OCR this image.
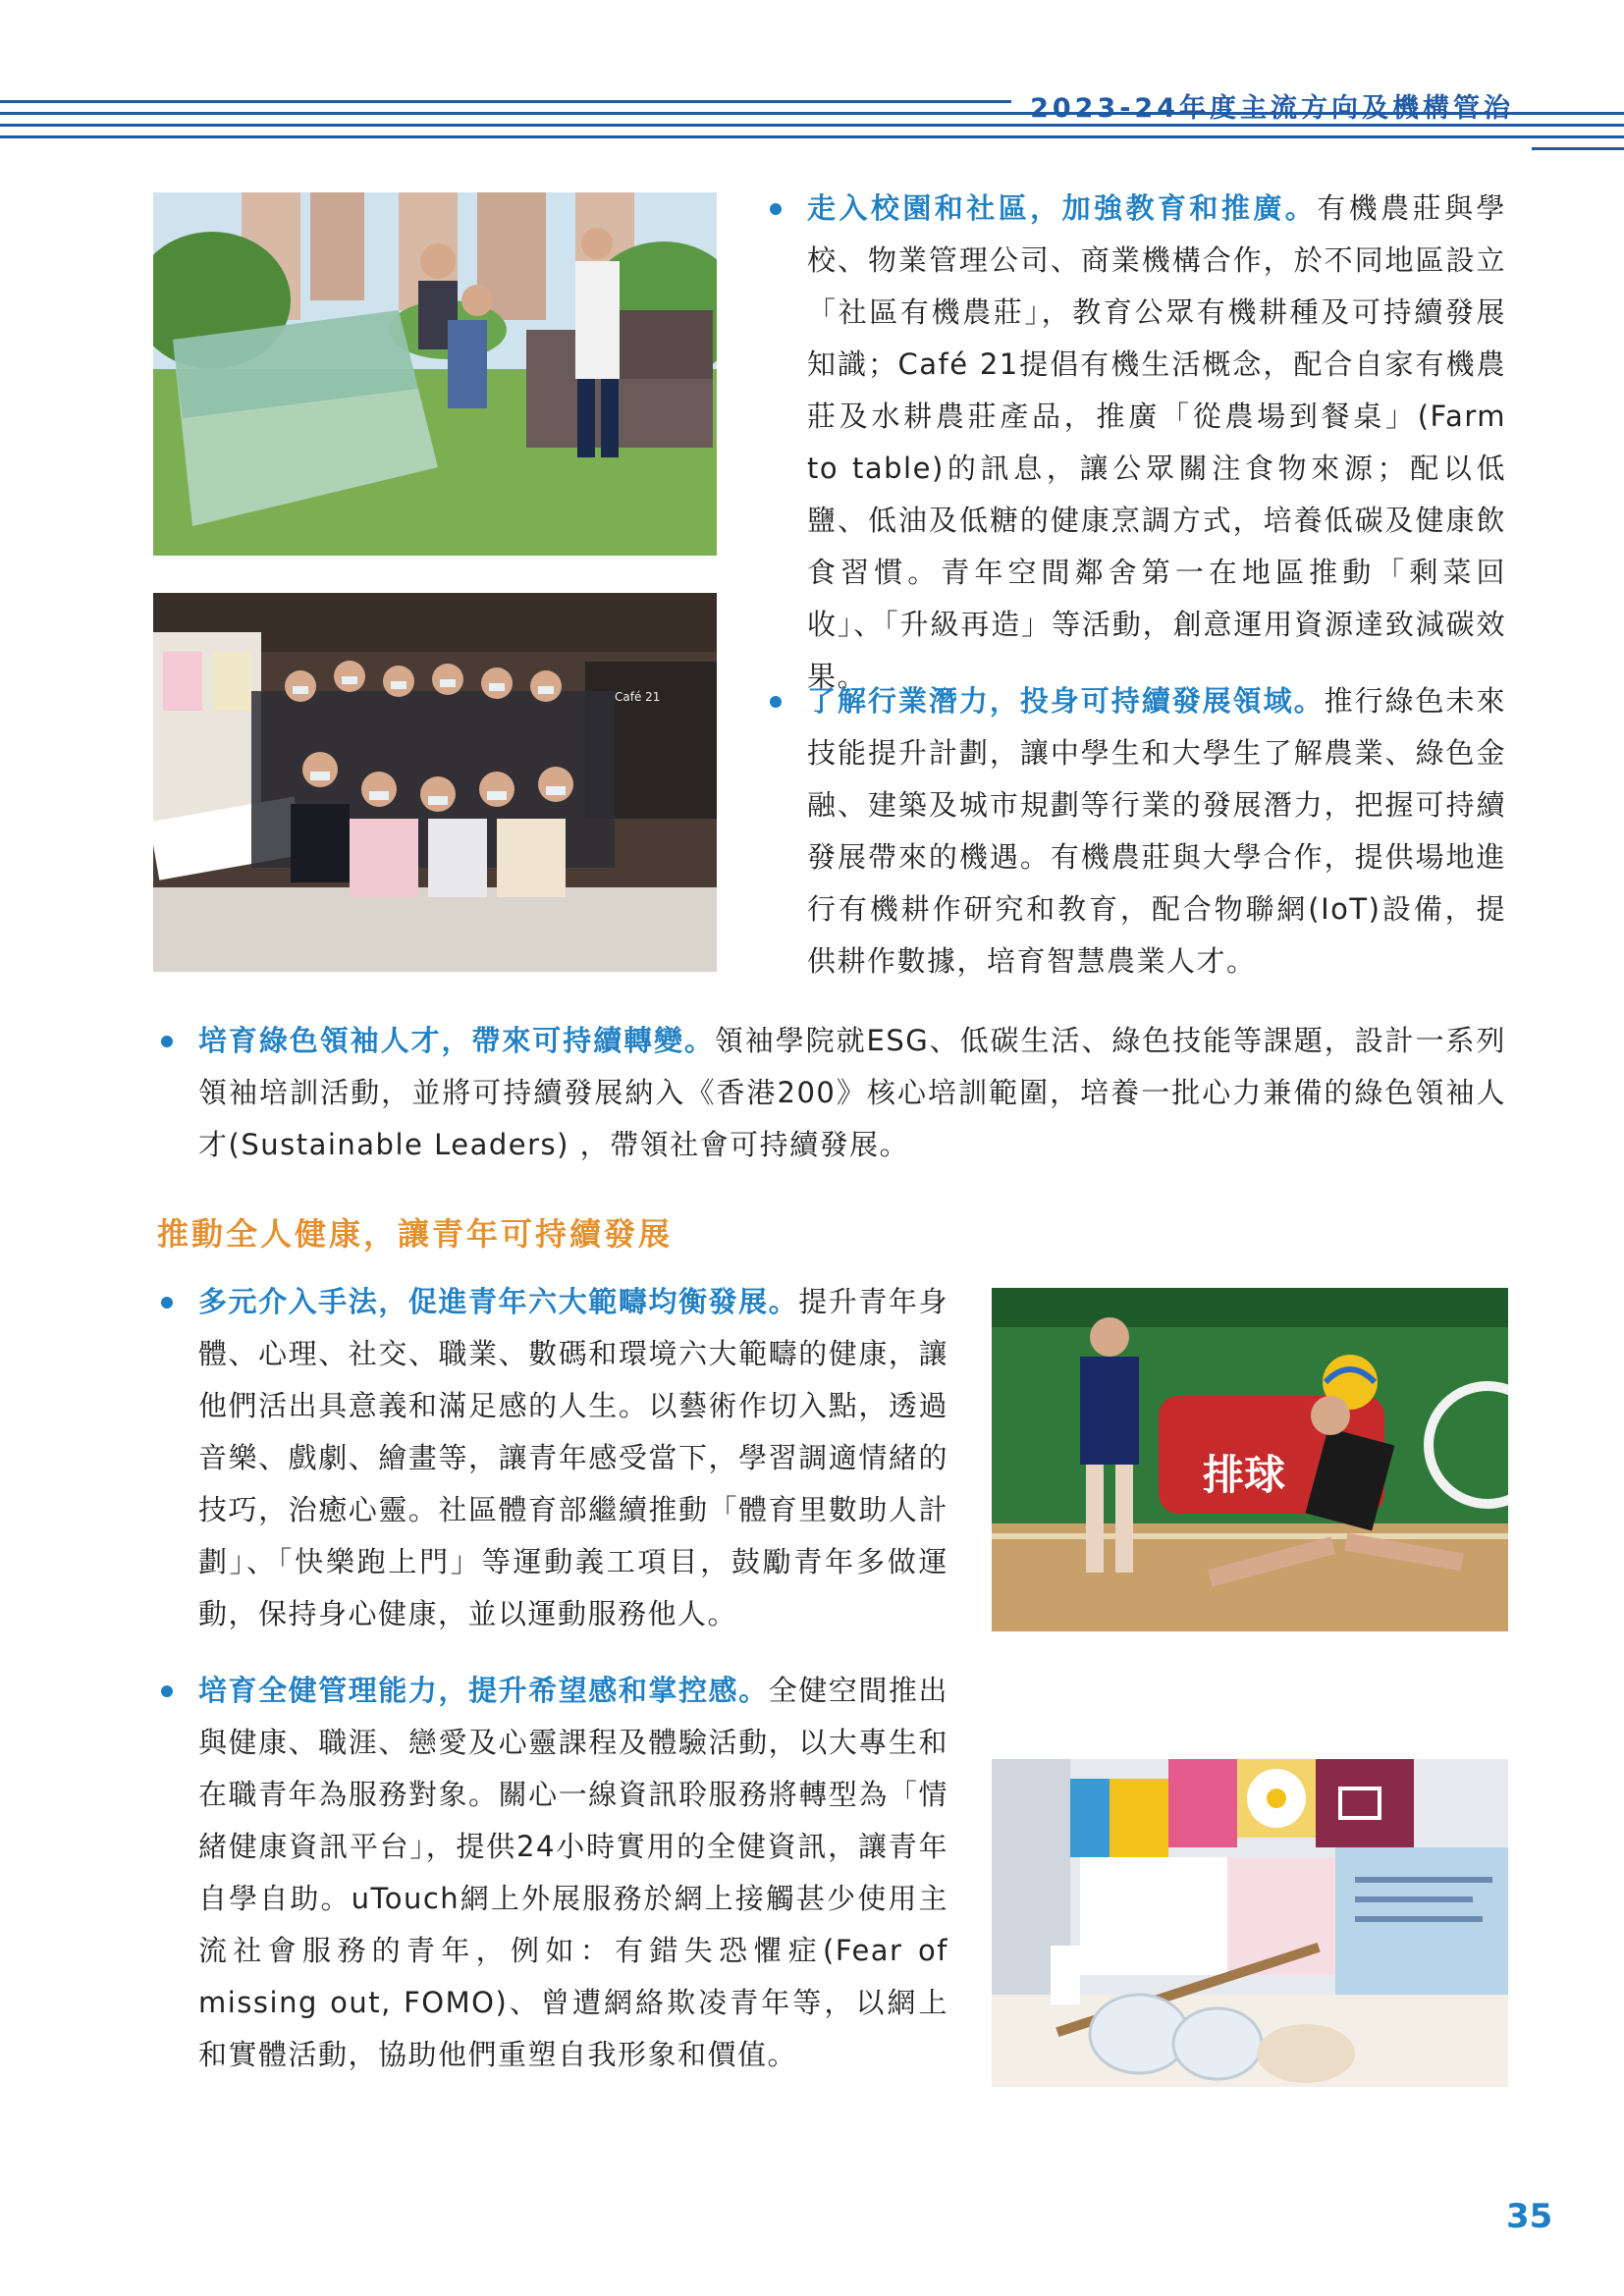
2023-24年度主流方向及機構管治
Café 21
走入校園和社區，加強教育和推廣。有機農莊與學校、物業管理公司、商業機構合作，於不同地區設立「社區有機農莊」，教育公眾有機耕種及可持續發展知識；Café 21提倡有機生活概念，配合自家有機農莊及水耕農莊產品，推廣「從農場到餐桌」(Farm to table)的訊息，讓公眾關注食物來源；配以低鹽、低油及低糖的健康烹調方式，培養低碳及健康飲食習慣。青年空間鄰舍第一在地區推動「剩菜回收」、「升級再造」等活動，創意運用資源達致減碳效果。
了解行業潛力，投身可持續發展領域。推行綠色未來技能提升計劃，讓中學生和大學生了解農業、綠色金融、建築及城市規劃等行業的發展潛力，把握可持續發展帶來的機遇。有機農莊與大學合作，提供場地進行有機耕作研究和教育，配合物聯網(IoT)設備，提供耕作數據，培育智慧農業人才。
培育綠色領袖人才，帶來可持續轉變。領袖學院就ESG、低碳生活、綠色技能等課題，設計一系列領袖培訓活動，並將可持續發展納入《香港200》核心培訓範圍，培養一批心力兼備的綠色領袖人才(Sustainable Leaders) ，帶領社會可持續發展。
推動全人健康，讓青年可持續發展
多元介入手法，促進青年六大範疇均衡發展。提升青年身體、心理、社交、職業、數碼和環境六大範疇的健康，讓他們活出具意義和滿足感的人生。以藝術作切入點，透過音樂、戲劇、繪畫等，讓青年感受當下，學習調適情緒的技巧，治癒心靈。社區體育部繼續推動「體育里數助人計劃」、「快樂跑上門」等運動義工項目，鼓勵青年多做運動，保持身心健康，並以運動服務他人。
培育全健管理能力，提升希望感和掌控感。全健空間推出與健康、職涯、戀愛及心靈課程及體驗活動，以大專生和在職青年為服務對象。關心一線資訊聆服務將轉型為「情緒健康資訊平台」，提供24小時實用的全健資訊，讓青年自學自助。uTouch網上外展服務於網上接觸甚少使用主流社會服務的青年，例如：有錯失恐懼症(Fear of missing out, FOMO)、曾遭網絡欺凌青年等，以網上和實體活動，協助他們重塑自我形象和價值。
排球
35
